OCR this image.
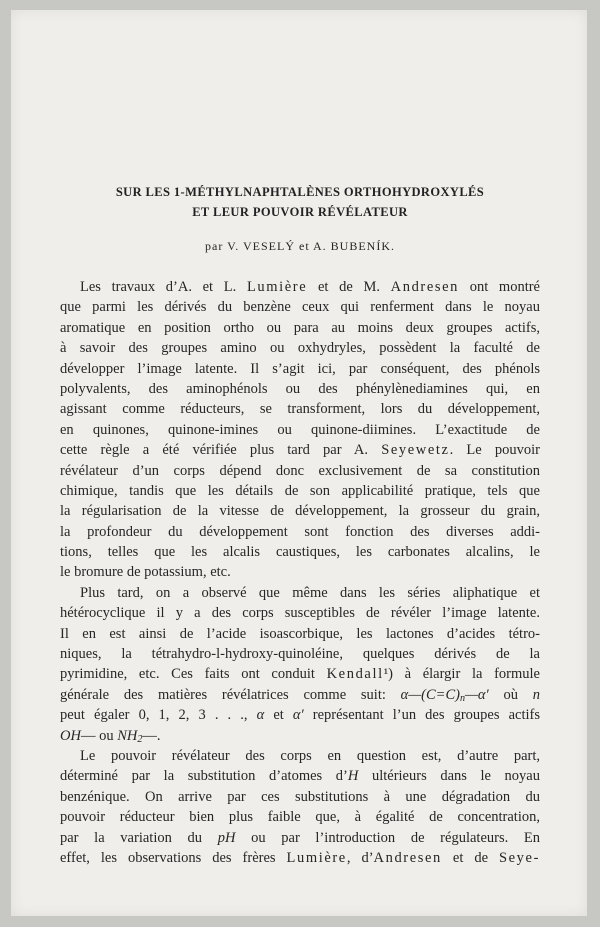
SUR LES 1-MÉTHYLNAPHTALÈNES ORTHOHYDROXYLÉS
ET LEUR POUVOIR RÉVÉLATEUR
par V. VESELÝ et A. BUBENÍK.
Les travaux d’A. et L. Lumière et de M. Andresen ont montré
que parmi les dérivés du benzène ceux qui renferment dans le noyau
aromatique en position ortho ou para au moins deux groupes actifs,
à savoir des groupes amino ou oxhydryles, possèdent la faculté de
développer l’image latente. Il s’agit ici, par conséquent, des phénols
polyvalents, des aminophénols ou des phénylènediamines qui, en
agissant comme réducteurs, se transforment, lors du développement,
en quinones, quinone-imines ou quinone-diimines. L’exactitude de
cette règle a été vérifiée plus tard par A. Seyewetz. Le pouvoir
révélateur d’un corps dépend donc exclusivement de sa constitution
chimique, tandis que les détails de son applicabilité pratique, tels que
la régularisation de la vitesse de développement, la grosseur du grain,
la profondeur du développement sont fonction des diverses addi-
tions, telles que les alcalis caustiques, les carbonates alcalins, le
le bromure de potassium, etc.
Plus tard, on a observé que même dans les séries aliphatique et
hétérocyclique il y a des corps susceptibles de révéler l’image latente.
Il en est ainsi de l’acide isoascorbique, les lactones d’acides tétro-
niques, la tétrahydro-l-hydroxy-quinoléine, quelques dérivés de la
pyrimidine, etc. Ces faits ont conduit Kendall¹) à élargir la formule
générale des matières révélatrices comme suit: α—(C=C)n—α′ où n
peut égaler 0, 1, 2, 3 . . ., α et α′ représentant l’un des groupes actifs
OH— ou NH2—.
Le pouvoir révélateur des corps en question est, d’autre part,
déterminé par la substitution d’atomes d’H ultérieurs dans le noyau
benzénique. On arrive par ces substitutions à une dégradation du
pouvoir réducteur bien plus faible que, à égalité de concentration,
par la variation du pH ou par l’introduction de régulateurs. En
effet, les observations des frères Lumière, d’Andresen et de Seye-
